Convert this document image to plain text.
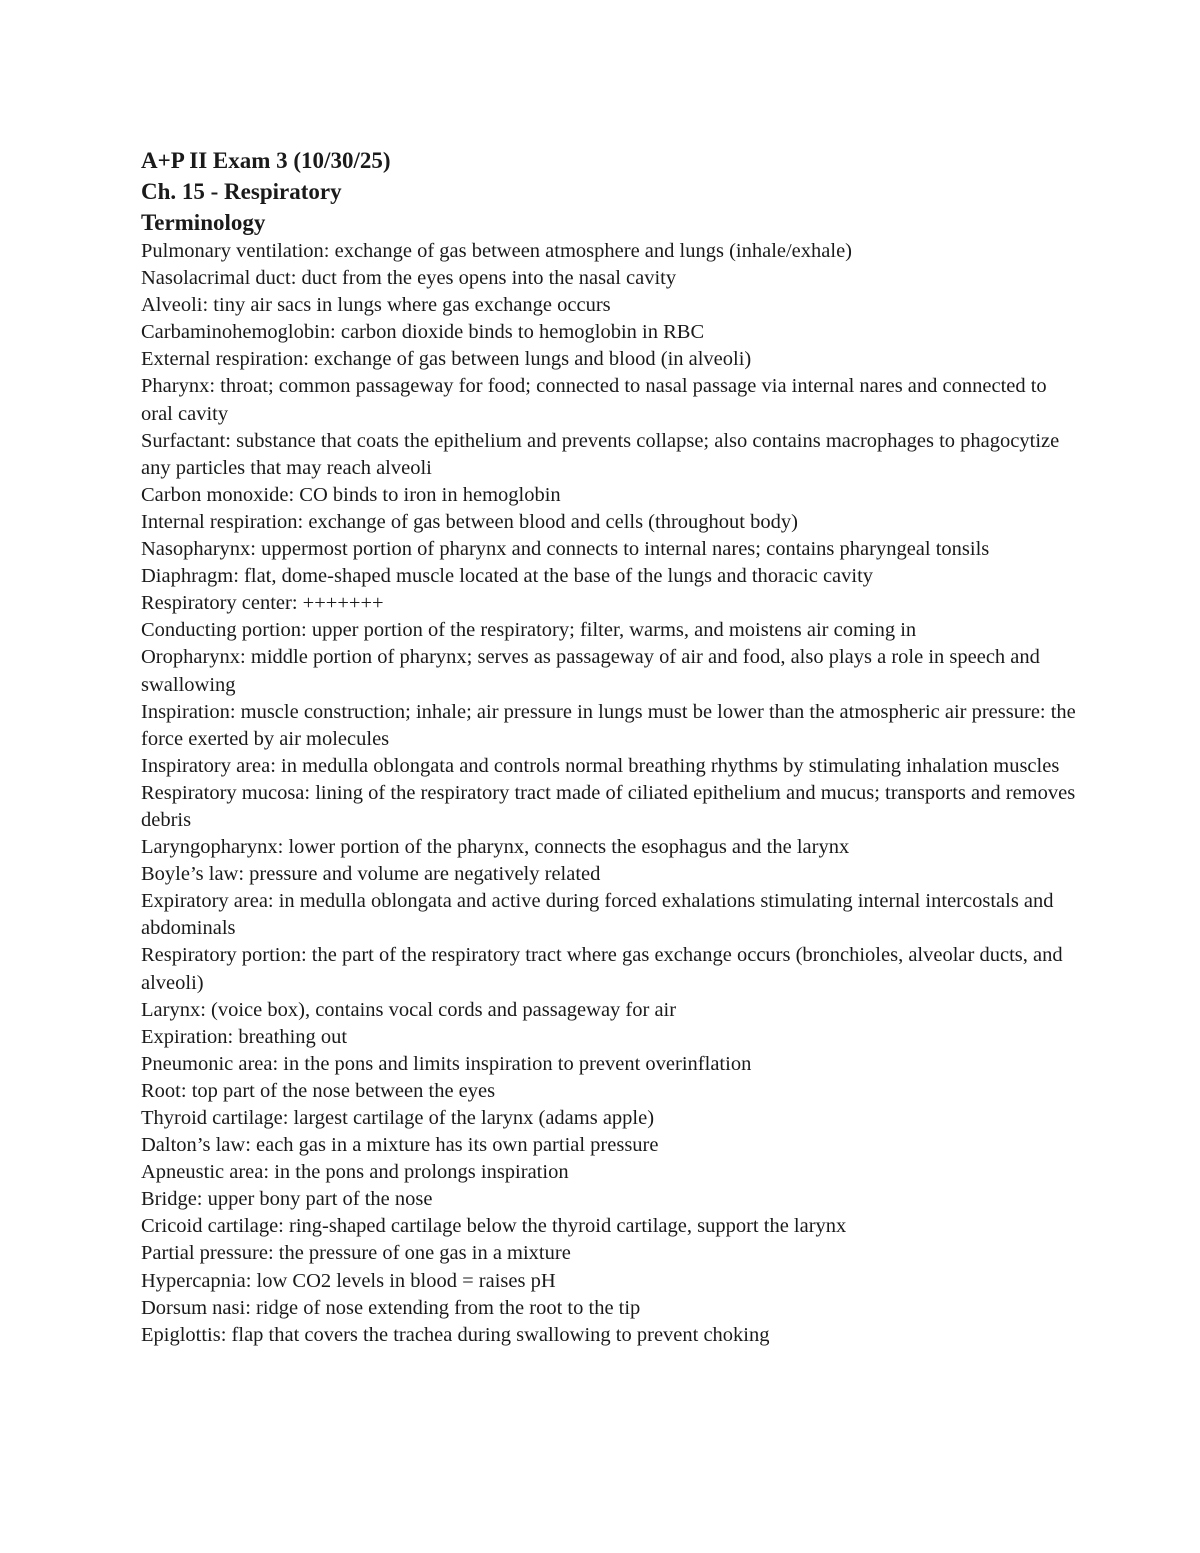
A+P II Exam 3 (10/30/25)
Ch. 15 - Respiratory
Terminology
Pulmonary ventilation: exchange of gas between atmosphere and lungs (inhale/exhale)
Nasolacrimal duct: duct from the eyes opens into the nasal cavity
Alveoli: tiny air sacs in lungs where gas exchange occurs
Carbaminohemoglobin: carbon dioxide binds to hemoglobin in RBC
External respiration: exchange of gas between lungs and blood (in alveoli)
Pharynx: throat; common passageway for food; connected to nasal passage via internal nares and connected to oral cavity
Surfactant: substance that coats the epithelium and prevents collapse; also contains macrophages to phagocytize any particles that may reach alveoli
Carbon monoxide: CO binds to iron in hemoglobin
Internal respiration: exchange of gas between blood and cells (throughout body)
Nasopharynx: uppermost portion of pharynx and connects to internal nares; contains pharyngeal tonsils
Diaphragm: flat, dome-shaped muscle located at the base of the lungs and thoracic cavity
Respiratory center: +++++++
Conducting portion: upper portion of the respiratory; filter, warms, and moistens air coming in
Oropharynx: middle portion of pharynx; serves as passageway of air and food, also plays a role in speech and swallowing
Inspiration: muscle construction; inhale; air pressure in lungs must be lower than the atmospheric air pressure: the force exerted by air molecules
Inspiratory area: in medulla oblongata and controls normal breathing rhythms by stimulating inhalation muscles
Respiratory mucosa: lining of the respiratory tract made of ciliated epithelium and mucus; transports and removes debris
Laryngopharynx: lower portion of the pharynx, connects the esophagus and the larynx
Boyle’s law: pressure and volume are negatively related
Expiratory area: in medulla oblongata and active during forced exhalations stimulating internal intercostals and abdominals
Respiratory portion: the part of the respiratory tract where gas exchange occurs (bronchioles, alveolar ducts, and alveoli)
Larynx: (voice box), contains vocal cords and passageway for air
Expiration: breathing out
Pneumonic area: in the pons and limits inspiration to prevent overinflation
Root: top part of the nose between the eyes
Thyroid cartilage: largest cartilage of the larynx (adams apple)
Dalton’s law: each gas in a mixture has its own partial pressure
Apneustic area: in the pons and prolongs inspiration
Bridge: upper bony part of the nose
Cricoid cartilage: ring-shaped cartilage below the thyroid cartilage, support the larynx
Partial pressure: the pressure of one gas in a mixture
Hypercapnia: low CO2 levels in blood = raises pH
Dorsum nasi: ridge of nose extending from the root to the tip
Epiglottis: flap that covers the trachea during swallowing to prevent choking
